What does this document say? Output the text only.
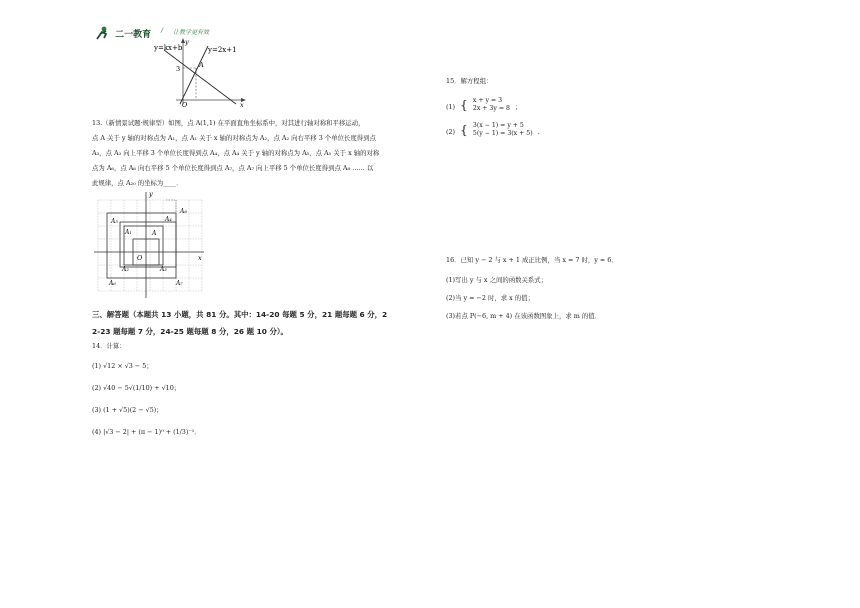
二一教育 / 让教学更有效
y=kx+b	y=2x+1
y
3	A
O	x
13.（新情景试题·规律型）如图，点 A(1,1) 在平面直角坐标系中，对其进行轴对称和平移运动，
点 A 关于 y 轴的对称点为 A₁，点 A₁ 关于 x 轴的对称点为 A₂，点 A₂ 向右平移 3 个单位长度得到点
A₃，点 A₃ 向上平移 3 个单位长度得到点 A₄，点 A₄ 关于 y 轴的对称点为 A₅，点 A₅ 关于 x 轴的对称
点为 A₆，点 A₆ 向右平移 5 个单位长度得到点 A₇，点 A₇ 向上平移 5 个单位长度得到点 A₈ …… 以
此规律，点 A₂₀ 的坐标为____．
y
x
O
A₈
A₅	A₄
A₁	A
A₂	A₃
A₆	A₇
三、解答题（本题共 13 小题，共 81 分。其中：14-20 每题 5 分，21 题每题 6 分，2
2-23 题每题 7 分，24-25 题每题 8 分，26 题 10 分）。
14．计算：
(1) √12 × √3 − 5；
(2) √40 − 5√(1/10) + √10；
(3) (1 + √5)(2 − √5)；
(4) |√3 − 2| + (π − 1)⁰ + (1/3)⁻¹．
15．解方程组：
(1) { x + y = 3
2x + 3y = 8 ；
(2) { 3(x − 1) = y + 5
5(y − 1) = 3(x + 5) .
16．已知 y − 2 与 x + 1 成正比例，当 x = 7 时，y = 6．
(1)写出 y 与 x 之间的函数关系式；
(2)当 y = −2 时，求 x 的值；
(3)若点 P(−6, m + 4) 在该函数图象上，求 m 的值．
